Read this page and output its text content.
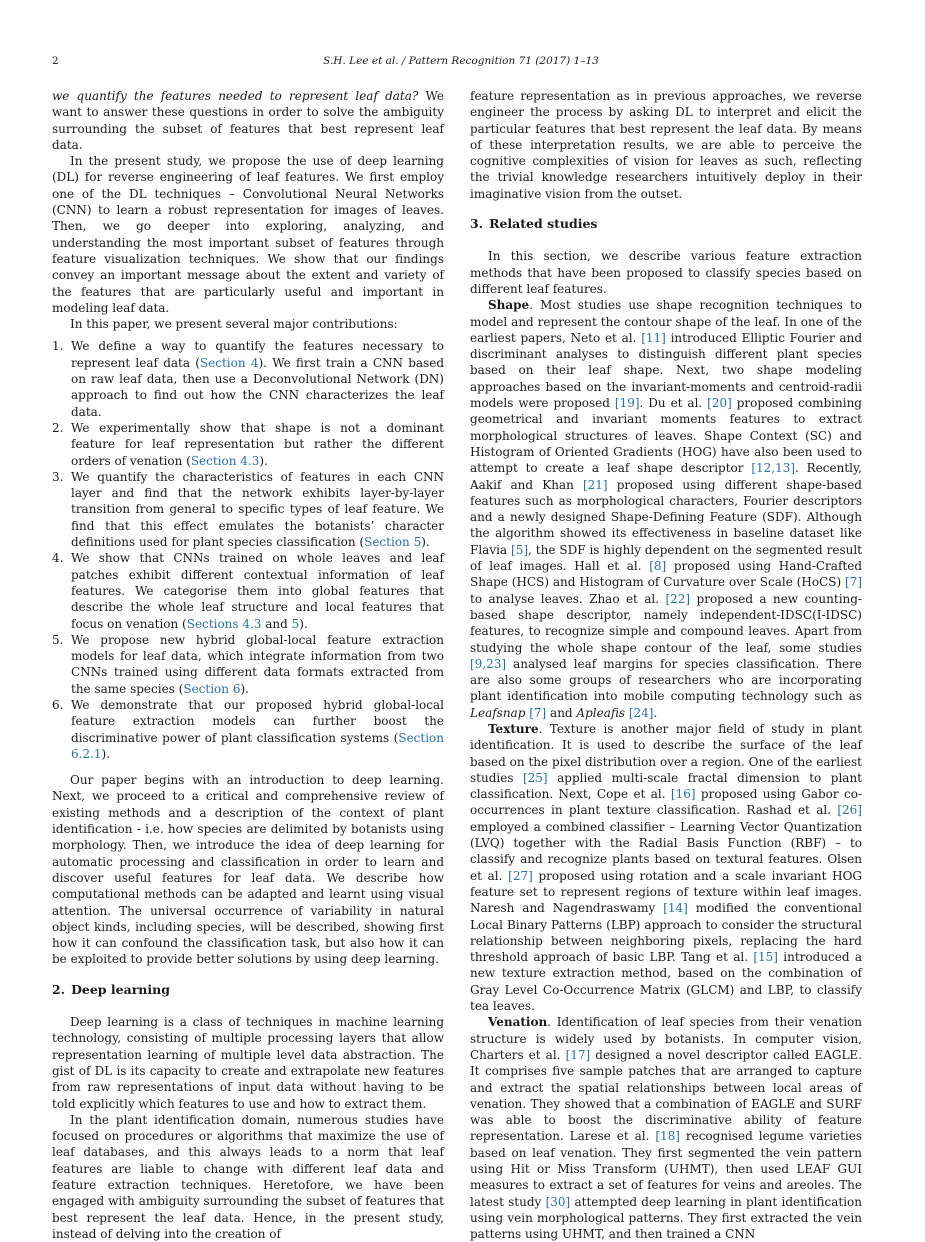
2	S.H. Lee et al. / Pattern Recognition 71 (2017) 1–13

we quantify the features needed to represent leaf data? We want to answer these questions in order to solve the ambiguity surrounding the subset of features that best represent leaf data.

In the present study, we propose the use of deep learning (DL) for reverse engineering of leaf features. We first employ one of the DL techniques – Convolutional Neural Networks (CNN) to learn a robust representation for images of leaves. Then, we go deeper into exploring, analyzing, and understanding the most important subset of features through feature visualization techniques. We show that our findings convey an important message about the extent and variety of the features that are particularly useful and important in modeling leaf data.

In this paper, we present several major contributions:

1. We define a way to quantify the features necessary to represent leaf data (Section 4). We first train a CNN based on raw leaf data, then use a Deconvolutional Network (DN) approach to find out how the CNN characterizes the leaf data.
2. We experimentally show that shape is not a dominant feature for leaf representation but rather the different orders of venation (Section 4.3).
3. We quantify the characteristics of features in each CNN layer and find that the network exhibits layer-by-layer transition from general to specific types of leaf feature. We find that this effect emulates the botanists’ character definitions used for plant species classification (Section 5).
4. We show that CNNs trained on whole leaves and leaf patches exhibit different contextual information of leaf features. We categorise them into global features that describe the whole leaf structure and local features that focus on venation (Sections 4.3 and 5).
5. We propose new hybrid global-local feature extraction models for leaf data, which integrate information from two CNNs trained using different data formats extracted from the same species (Section 6).
6. We demonstrate that our proposed hybrid global-local feature extraction models can further boost the discriminative power of plant classification systems (Section 6.2.1).

Our paper begins with an introduction to deep learning. Next, we proceed to a critical and comprehensive review of existing methods and a description of the context of plant identification - i.e. how species are delimited by botanists using morphology. Then, we introduce the idea of deep learning for automatic processing and classification in order to learn and discover useful features for leaf data. We describe how computational methods can be adapted and learnt using visual attention. The universal occurrence of variability in natural object kinds, including species, will be described, showing first how it can confound the classification task, but also how it can be exploited to provide better solutions by using deep learning.

2. Deep learning

Deep learning is a class of techniques in machine learning technology, consisting of multiple processing layers that allow representation learning of multiple level data abstraction. The gist of DL is its capacity to create and extrapolate new features from raw representations of input data without having to be told explicitly which features to use and how to extract them.

In the plant identification domain, numerous studies have focused on procedures or algorithms that maximize the use of leaf databases, and this always leads to a norm that leaf features are liable to change with different leaf data and feature extraction techniques. Heretofore, we have been engaged with ambiguity surrounding the subset of features that best represent the leaf data. Hence, in the present study, instead of delving into the creation of

feature representation as in previous approaches, we reverse engineer the process by asking DL to interpret and elicit the particular features that best represent the leaf data. By means of these interpretation results, we are able to perceive the cognitive complexities of vision for leaves as such, reflecting the trivial knowledge researchers intuitively deploy in their imaginative vision from the outset.

3. Related studies

In this section, we describe various feature extraction methods that have been proposed to classify species based on different leaf features.

Shape. Most studies use shape recognition techniques to model and represent the contour shape of the leaf. In one of the earliest papers, Neto et al. [11] introduced Elliptic Fourier and discriminant analyses to distinguish different plant species based on their leaf shape. Next, two shape modeling approaches based on the invariant-moments and centroid-radii models were proposed [19]. Du et al. [20] proposed combining geometrical and invariant moments features to extract morphological structures of leaves. Shape Context (SC) and Histogram of Oriented Gradients (HOG) have also been used to attempt to create a leaf shape descriptor [12,13]. Recently, Aakif and Khan [21] proposed using different shape-based features such as morphological characters, Fourier descriptors and a newly designed Shape-Defining Feature (SDF). Although the algorithm showed its effectiveness in baseline dataset like Flavia [5], the SDF is highly dependent on the segmented result of leaf images. Hall et al. [8] proposed using Hand-Crafted Shape (HCS) and Histogram of Curvature over Scale (HoCS) [7] to analyse leaves. Zhao et al. [22] proposed a new counting-based shape descriptor, namely independent-IDSC(I-IDSC) features, to recognize simple and compound leaves. Apart from studying the whole shape contour of the leaf, some studies [9,23] analysed leaf margins for species classification. There are also some groups of researchers who are incorporating plant identification into mobile computing technology such as Leafsnap [7] and Apleafis [24].

Texture. Texture is another major field of study in plant identification. It is used to describe the surface of the leaf based on the pixel distribution over a region. One of the earliest studies [25] applied multi-scale fractal dimension to plant classification. Next, Cope et al. [16] proposed using Gabor co-occurrences in plant texture classification. Rashad et al. [26] employed a combined classifier – Learning Vector Quantization (LVQ) together with the Radial Basis Function (RBF) – to classify and recognize plants based on textural features. Olsen et al. [27] proposed using rotation and a scale invariant HOG feature set to represent regions of texture within leaf images. Naresh and Nagendraswamy [14] modified the conventional Local Binary Patterns (LBP) approach to consider the structural relationship between neighboring pixels, replacing the hard threshold approach of basic LBP. Tang et al. [15] introduced a new texture extraction method, based on the combination of Gray Level Co-Occurrence Matrix (GLCM) and LBP, to classify tea leaves.

Venation. Identification of leaf species from their venation structure is widely used by botanists. In computer vision, Charters et al. [17] designed a novel descriptor called EAGLE. It comprises five sample patches that are arranged to capture and extract the spatial relationships between local areas of venation. They showed that a combination of EAGLE and SURF was able to boost the discriminative ability of feature representation. Larese et al. [18] recognised legume varieties based on leaf venation. They first segmented the vein pattern using Hit or Miss Transform (UHMT), then used LEAF GUI measures to extract a set of features for veins and areoles. The latest study [30] attempted deep learning in plant identification using vein morphological patterns. They first extracted the vein patterns using UHMT, and then trained a CNN
